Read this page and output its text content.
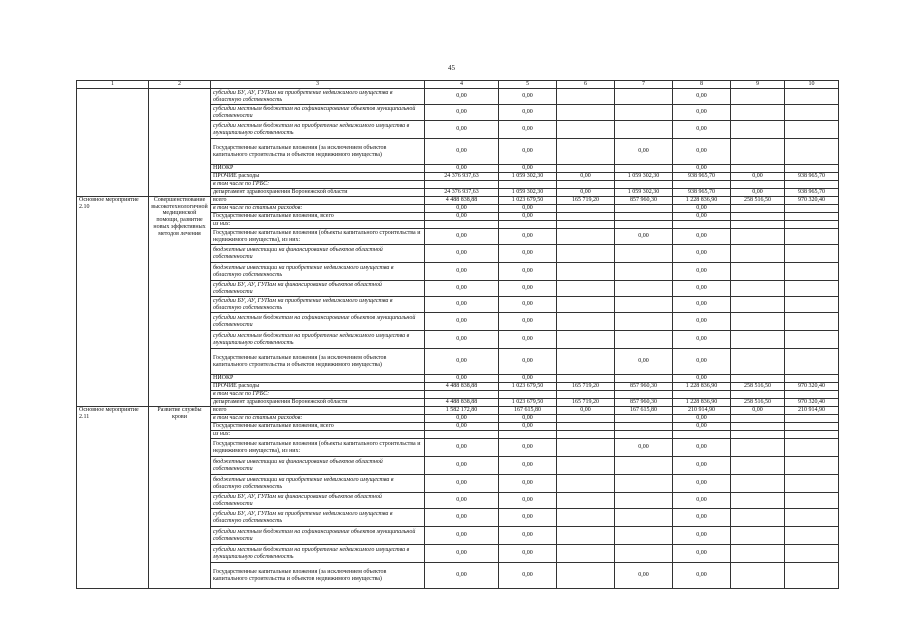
45
1	2	3	4	5	6	7	8	9	10
		субсидии БУ, АУ, ГУПам на приобретение недвижимого имущества в областную собственность	0,00	0,00			0,00		
		субсидии местным бюджетам на софинансирование объектов муниципальной собственности	0,00	0,00			0,00		
		субсидии местным бюджетам на приобретение недвижимого имущества в муниципальную собственность	0,00	0,00			0,00		
		Государственные капитальные вложения (за исключением объектов капитального строительства и объектов недвижимого имущества)	0,00	0,00		0,00	0,00		
		НИОКР	0,00	0,00			0,00		
		ПРОЧИЕ расходы	24 376 937,63	1 059 302,30	0,00	1 059 302,30	938 965,70	0,00	938 965,70
		в том числе по ГРБС:							
		департамент здравоохранения Воронежской области	24 376 937,63	1 059 302,30	0,00	1 059 302,30	938 965,70	0,00	938 965,70
Основное мероприятие 2.10	Совершенствование высокотехнологичной медицинской помощи, развитие новых эффективных методов лечения	всего	4 488 838,88	1 023 679,50	165 719,20	857 960,30	1 228 836,90	258 516,50	970 320,40
		в том числе по статьям расходов:	0,00	0,00			0,00		
		Государственные капитальные вложения, всего	0,00	0,00			0,00		
		из них:							
		Государственные капитальные вложения (объекты капитального строительства и недвижимого имущества), из них:	0,00	0,00		0,00	0,00		
		бюджетные инвестиции на финансирование объектов областной собственности	0,00	0,00			0,00		
		бюджетные инвестиции на приобретение недвижимого имущества в областную собственность	0,00	0,00			0,00		
		субсидии БУ, АУ, ГУПам на финансирование объектов областной собственности	0,00	0,00			0,00		
		субсидии БУ, АУ, ГУПам на приобретение недвижимого имущества в областную собственность	0,00	0,00			0,00		
		субсидии местным бюджетам на софинансирование объектов муниципальной собственности	0,00	0,00			0,00		
		субсидии местным бюджетам на приобретение недвижимого имущества в муниципальную собственность	0,00	0,00			0,00		
		Государственные капитальные вложения (за исключением объектов капитального строительства и объектов недвижимого имущества)	0,00	0,00		0,00	0,00		
		НИОКР	0,00	0,00			0,00		
		ПРОЧИЕ расходы	4 488 838,88	1 023 679,50	165 719,20	857 960,30	1 228 836,90	258 516,50	970 320,40
		в том числе по ГРБС:							
		департамент здравоохранения Воронежской области	4 488 838,88	1 023 679,50	165 719,20	857 960,30	1 228 836,90	258 516,50	970 320,40
Основное мероприятие 2.11	Развитие службы крови	всего	1 582 172,80	167 615,80	0,00	167 615,80	210 914,90	0,00	210 914,90
		в том числе по статьям расходов:	0,00	0,00			0,00		
		Государственные капитальные вложения, всего	0,00	0,00			0,00		
		из них:							
		Государственные капитальные вложения (объекты капитального строительства и недвижимого имущества), из них:	0,00	0,00		0,00	0,00		
		бюджетные инвестиции на финансирование объектов областной собственности	0,00	0,00			0,00		
		бюджетные инвестиции на приобретение недвижимого имущества в областную собственность	0,00	0,00			0,00		
		субсидии БУ, АУ, ГУПам на финансирование объектов областной собственности	0,00	0,00			0,00		
		субсидии БУ, АУ, ГУПам на приобретение недвижимого имущества в областную собственность	0,00	0,00			0,00		
		субсидии местным бюджетам на софинансирование объектов муниципальной собственности	0,00	0,00			0,00		
		субсидии местным бюджетам на приобретение недвижимого имущества в муниципальную собственность	0,00	0,00			0,00		
		Государственные капитальные вложения (за исключением объектов капитального строительства и объектов недвижимого имущества)	0,00	0,00		0,00	0,00		
